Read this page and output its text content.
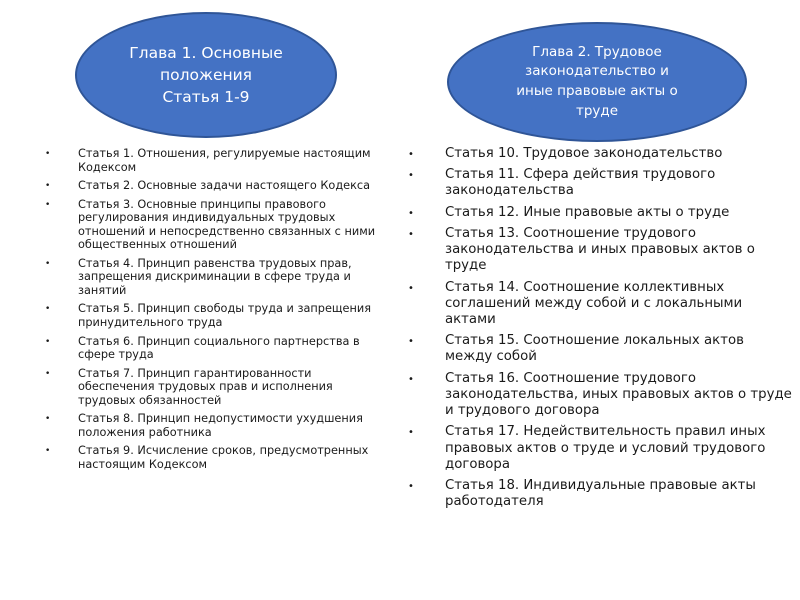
Глава 1. Основные
положения
Статья 1-9
Глава 2. Трудовое
законодательство и
иные правовые акты о
труде
•	Статья 1. Отношения, регулируемые настоящим Кодексом
•	Статья 2. Основные задачи настоящего Кодекса
•	Статья 3. Основные принципы правового регулирования индивидуальных трудовых отношений и непосредственно связанных с ними общественных отношений
•	Статья 4. Принцип равенства трудовых прав, запрещения дискриминации в сфере труда и занятий
•	Статья 5. Принцип свободы труда и запрещения принудительного труда
•	Статья 6. Принцип социального партнерства в сфере труда
•	Статья 7. Принцип гарантированности обеспечения трудовых прав и исполнения трудовых обязанностей
•	Статья 8. Принцип недопустимости ухудшения положения работника
•	Статья 9. Исчисление сроков, предусмотренных настоящим Кодексом
•	Статья 10. Трудовое законодательство
•	Статья 11. Сфера действия трудового законодательства
•	Статья 12. Иные правовые акты о труде
•	Статья 13. Соотношение трудового законодательства и иных правовых актов о труде
•	Статья 14. Соотношение коллективных соглашений между собой и с локальными актами
•	Статья 15. Соотношение локальных актов между собой
•	Статья 16. Соотношение трудового законодательства, иных правовых актов о труде и трудового договора
•	Статья 17. Недействительность правил иных правовых актов о труде и условий трудового договора
•	Статья 18. Индивидуальные правовые акты работодателя
